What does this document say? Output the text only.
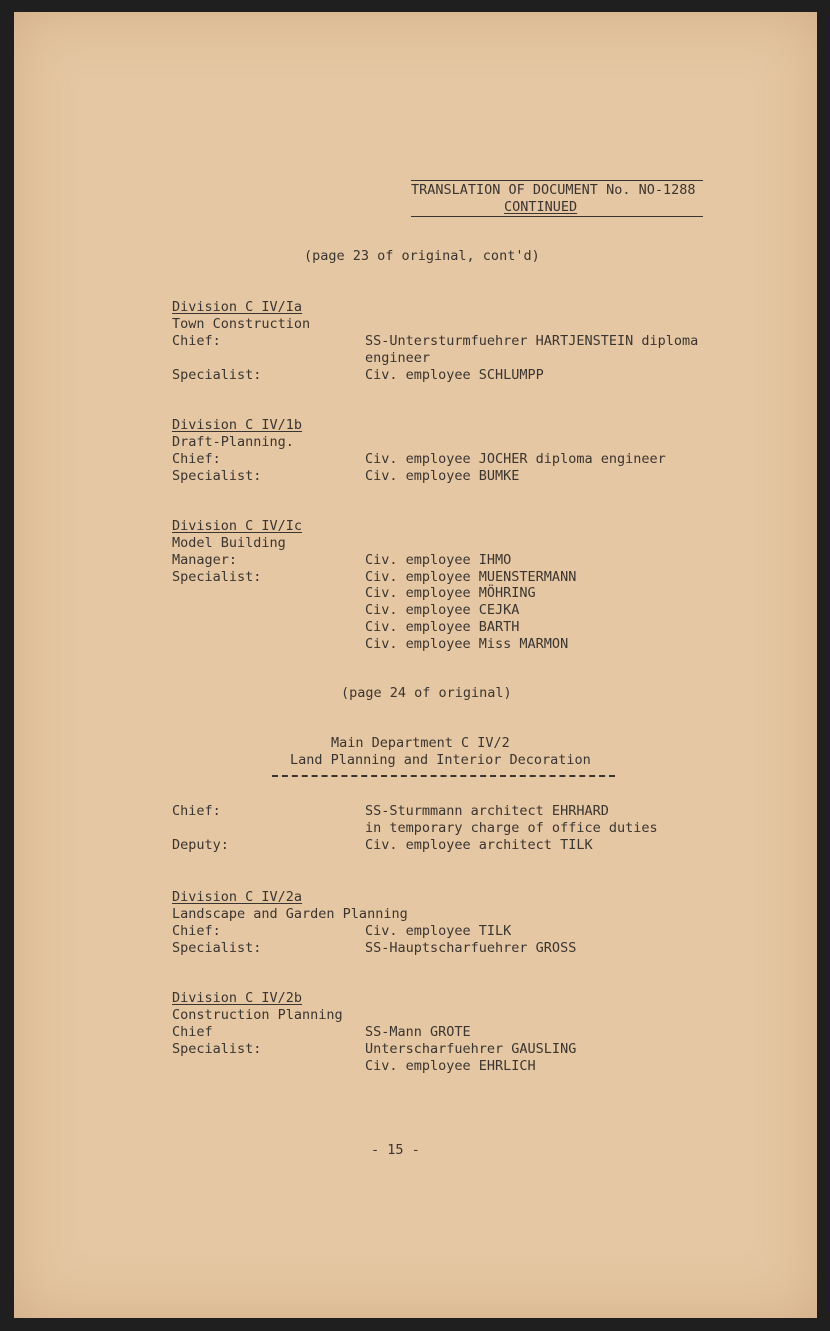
TRANSLATION OF DOCUMENT No. NO-1288
CONTINUED
(page 23 of original, cont'd)
Division C IV/Ia
Town Construction
Chief:	SS-Untersturmfuehrer HARTJENSTEIN diploma
engineer
Specialist:	Civ. employee SCHLUMPP
Division C IV/1b
Draft-Planning.
Chief:	Civ. employee JOCHER diploma engineer
Specialist:	Civ. employee BUMKE
Division C IV/Ic
Model Building
Manager:	Civ. employee IHMO
Specialist:	Civ. employee MUENSTERMANN
Civ. employee MÖHRING
Civ. employee CEJKA
Civ. employee BARTH
Civ. employee Miss MARMON
(page 24 of original)
Main Department C IV/2
Land Planning and Interior Decoration
Chief:	SS-Sturmmann architect EHRHARD
in temporary charge of office duties
Deputy:	Civ. employee architect TILK
Division C IV/2a
Landscape and Garden Planning
Chief:	Civ. employee TILK
Specialist:	SS-Hauptscharfuehrer GROSS
Division C IV/2b
Construction Planning
Chief	SS-Mann GROTE
Specialist:	Unterscharfuehrer GAUSLING
Civ. employee EHRLICH
- 15 -
